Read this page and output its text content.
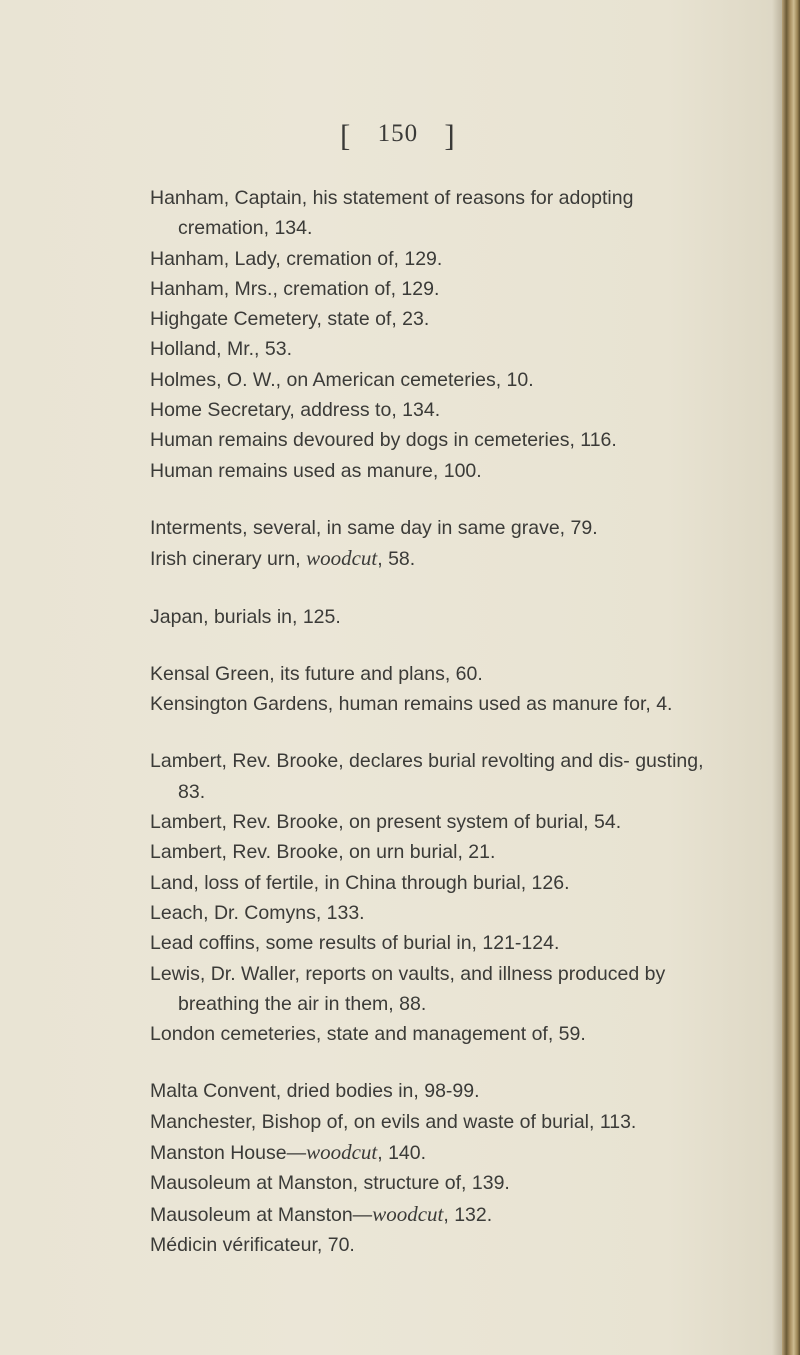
[ 150 ]
Hanham, Captain, his statement of reasons for adopting cremation, 134.
Hanham, Lady, cremation of, 129.
Hanham, Mrs., cremation of, 129.
Highgate Cemetery, state of, 23.
Holland, Mr., 53.
Holmes, O. W., on American cemeteries, 10.
Home Secretary, address to, 134.
Human remains devoured by dogs in cemeteries, 116.
Human remains used as manure, 100.
Interments, several, in same day in same grave, 79.
Irish cinerary urn, woodcut, 58.
Japan, burials in, 125.
Kensal Green, its future and plans, 60.
Kensington Gardens, human remains used as manure for, 4.
Lambert, Rev. Brooke, declares burial revolting and dis- gusting, 83.
Lambert, Rev. Brooke, on present system of burial, 54.
Lambert, Rev. Brooke, on urn burial, 21.
Land, loss of fertile, in China through burial, 126.
Leach, Dr. Comyns, 133.
Lead coffins, some results of burial in, 121-124.
Lewis, Dr. Waller, reports on vaults, and illness produced by breathing the air in them, 88.
London cemeteries, state and management of, 59.
Malta Convent, dried bodies in, 98-99.
Manchester, Bishop of, on evils and waste of burial, 113.
Manston House—woodcut, 140.
Mausoleum at Manston, structure of, 139.
Mausoleum at Manston—woodcut, 132.
Médicin vérificateur, 70.
